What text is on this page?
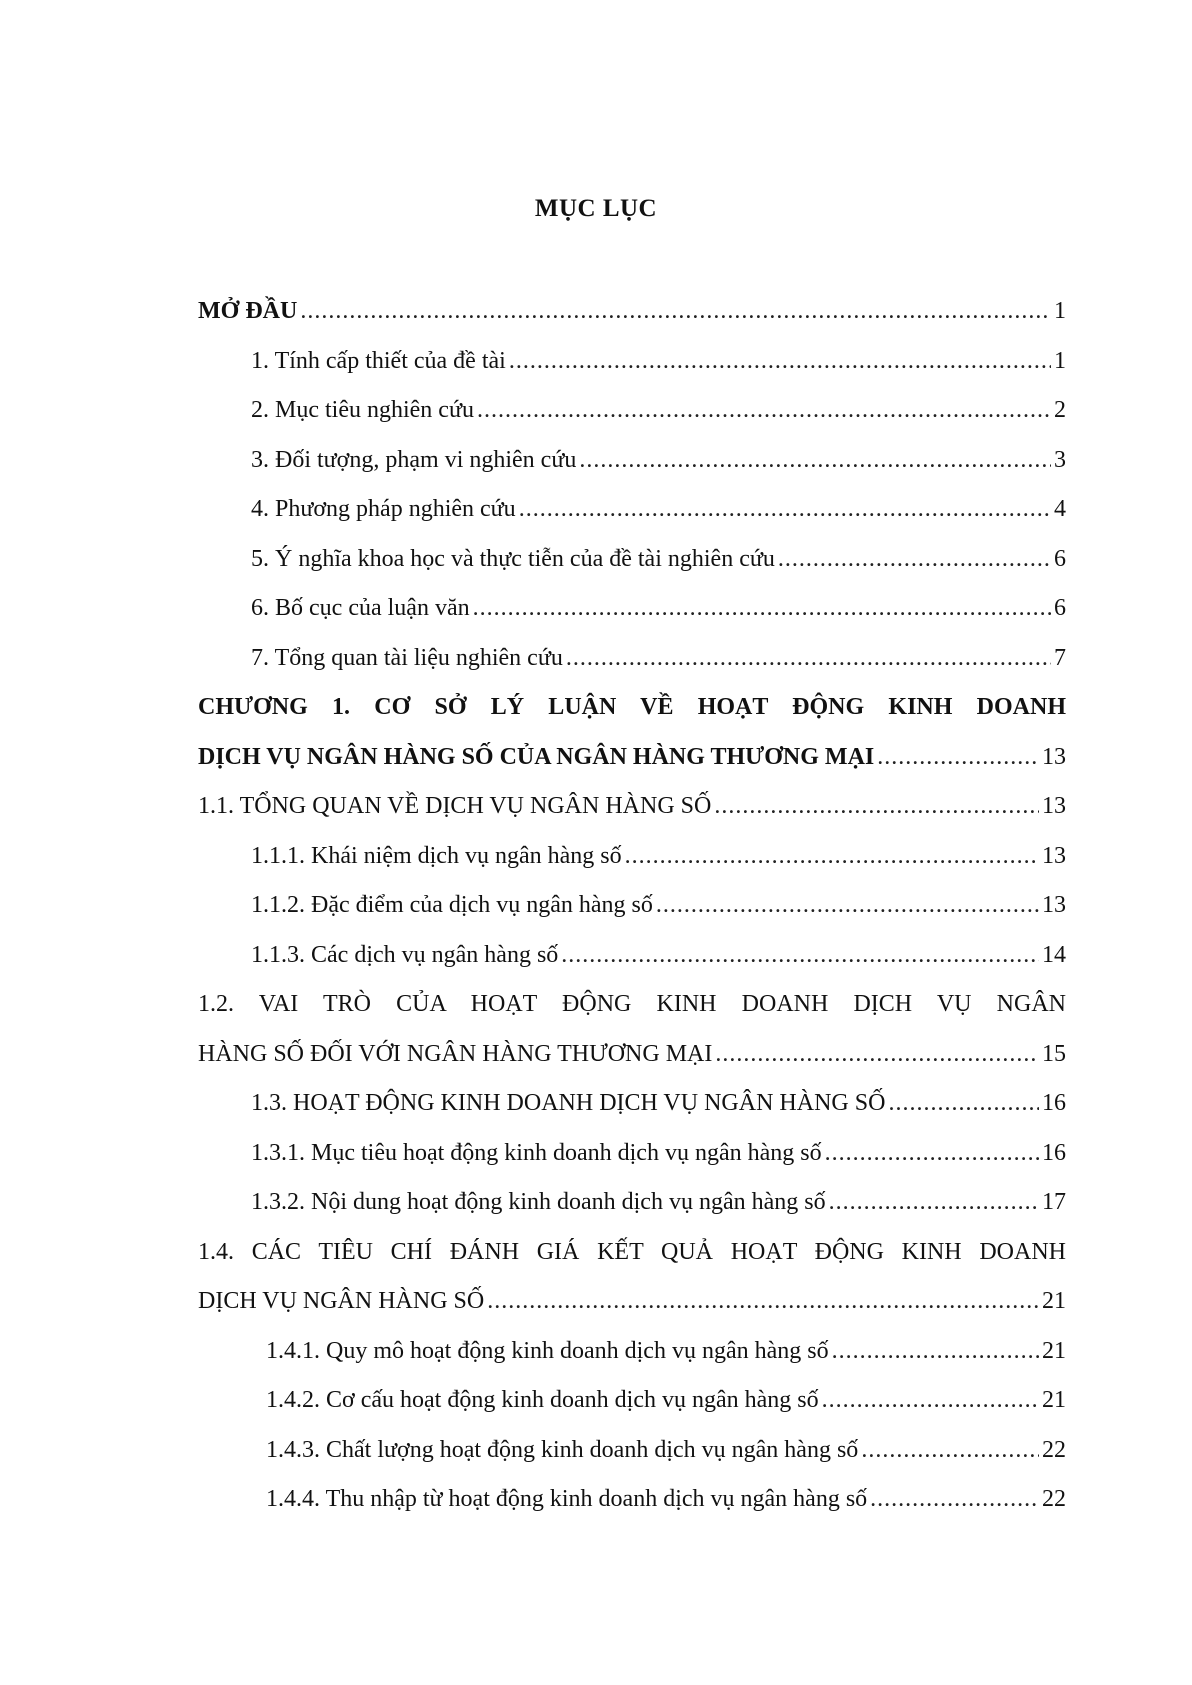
MỤC LỤC
MỞ ĐẦU .....	1
1. Tính cấp thiết của đề tài .....	1
2. Mục tiêu nghiên cứu .....	2
3. Đối tượng, phạm vi nghiên cứu .....	3
4. Phương pháp nghiên cứu .....	4
5. Ý nghĩa khoa học và thực tiễn của đề tài nghiên cứu .....	6
6. Bố cục của luận văn .....	6
7. Tổng quan tài liệu nghiên cứu .....	7
CHƯƠNG 1. CƠ SỞ LÝ LUẬN VỀ HOẠT ĐỘNG KINH DOANH
DỊCH VỤ NGÂN HÀNG SỐ CỦA NGÂN HÀNG THƯƠNG MẠI .....	13
1.1. TỔNG QUAN VỀ DỊCH VỤ NGÂN HÀNG SỐ .....	13
1.1.1. Khái niệm dịch vụ ngân hàng số .....	13
1.1.2. Đặc điểm của dịch vụ ngân hàng số .....	13
1.1.3. Các dịch vụ ngân hàng số .....	14
1.2. VAI TRÒ CỦA HOẠT ĐỘNG KINH DOANH DỊCH VỤ NGÂN
HÀNG SỐ ĐỐI VỚI NGÂN HÀNG THƯƠNG MẠI .....	15
1.3. HOẠT ĐỘNG KINH DOANH DỊCH VỤ NGÂN HÀNG SỐ .....	16
1.3.1. Mục tiêu hoạt động kinh doanh dịch vụ ngân hàng số .....	16
1.3.2. Nội dung hoạt động kinh doanh dịch vụ ngân hàng số .....	17
1.4. CÁC TIÊU CHÍ ĐÁNH GIÁ KẾT QUẢ HOẠT ĐỘNG KINH DOANH
DỊCH VỤ NGÂN HÀNG SỐ .....	21
1.4.1. Quy mô hoạt động kinh doanh dịch vụ ngân hàng số .....	21
1.4.2. Cơ cấu hoạt động kinh doanh dịch vụ ngân hàng số .....	21
1.4.3. Chất lượng hoạt động kinh doanh dịch vụ ngân hàng số .....	22
1.4.4. Thu nhập từ hoạt động kinh doanh dịch vụ ngân hàng số .....	22
